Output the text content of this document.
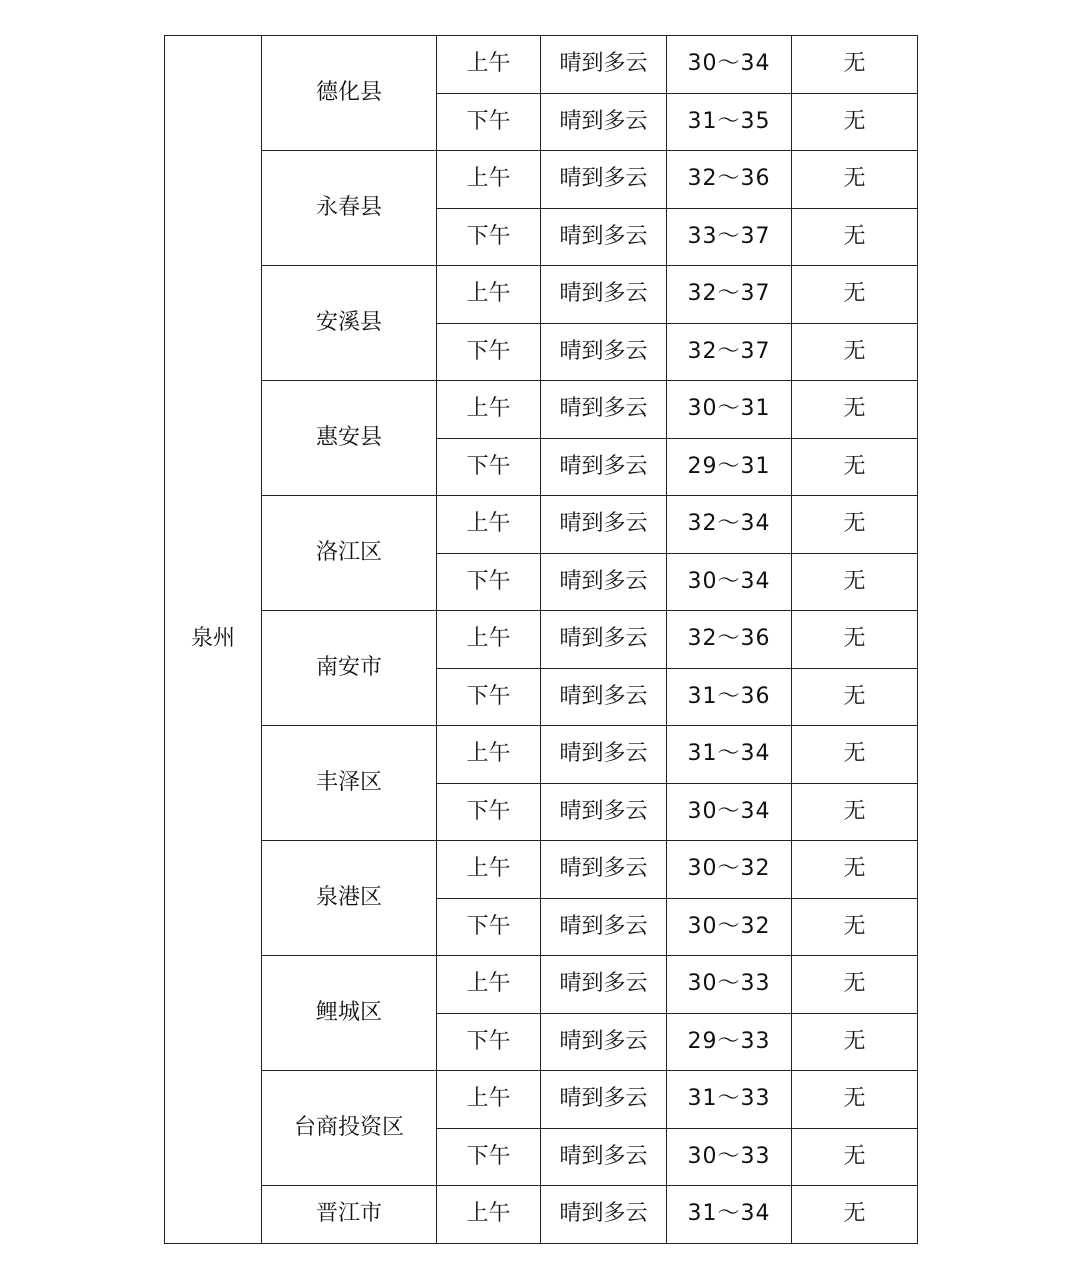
泉州	德化县	上午	晴到多云	30～34	无
		下午	晴到多云	31～35	无
	永春县	上午	晴到多云	32～36	无
		下午	晴到多云	33～37	无
	安溪县	上午	晴到多云	32～37	无
		下午	晴到多云	32～37	无
	惠安县	上午	晴到多云	30～31	无
		下午	晴到多云	29～31	无
	洛江区	上午	晴到多云	32～34	无
		下午	晴到多云	30～34	无
	南安市	上午	晴到多云	32～36	无
		下午	晴到多云	31～36	无
	丰泽区	上午	晴到多云	31～34	无
		下午	晴到多云	30～34	无
	泉港区	上午	晴到多云	30～32	无
		下午	晴到多云	30～32	无
	鲤城区	上午	晴到多云	30～33	无
		下午	晴到多云	29～33	无
	台商投资区	上午	晴到多云	31～33	无
		下午	晴到多云	30～33	无
	晋江市	上午	晴到多云	31～34	无
